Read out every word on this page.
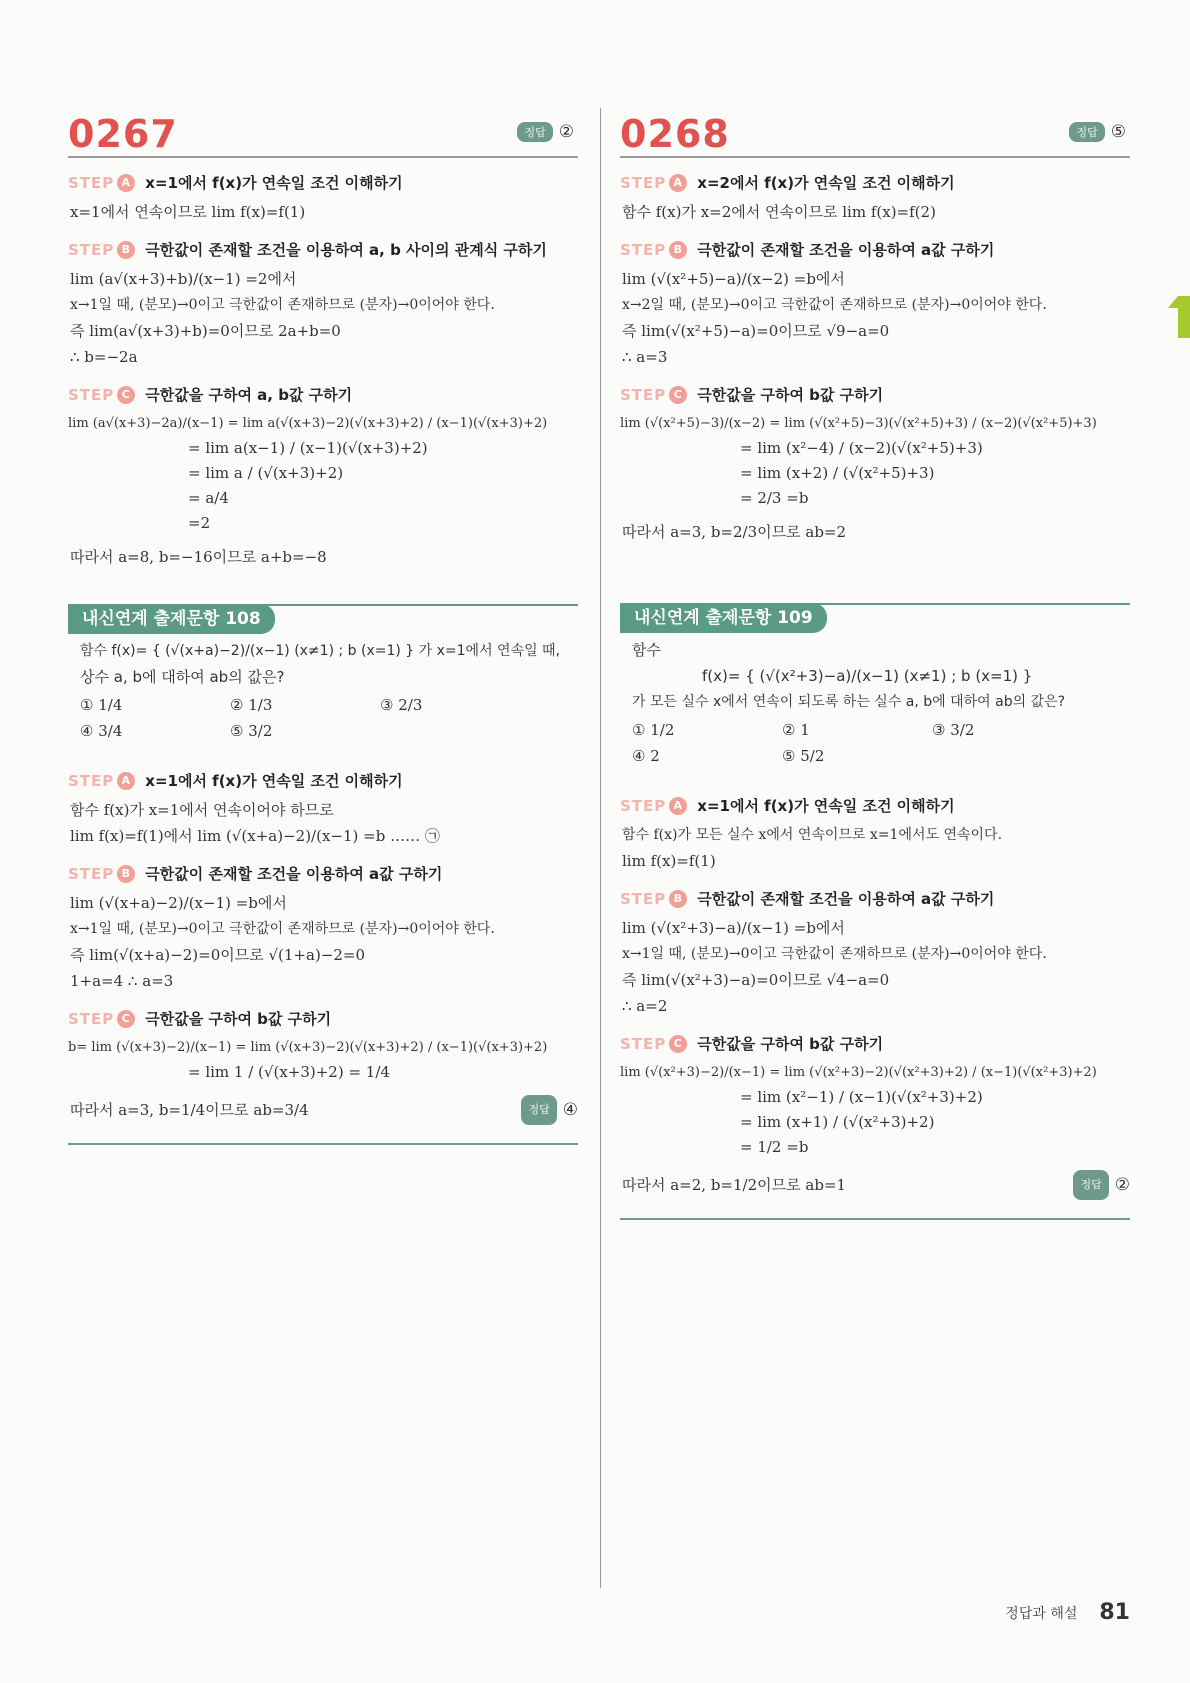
0267	정답 ②
STEP A x=1에서 f(x)가 연속일 조건 이해하기
x=1에서 연속이므로 lim f(x)=f(1)
STEP B 극한값이 존재할 조건을 이용하여 a, b 사이의 관계식 구하기
lim (a√(x+3)+b)/(x−1) =2에서
x→1일 때, (분모)→0이고 극한값이 존재하므로 (분자)→0이어야 한다.
즉 lim(a√(x+3)+b)=0이므로 2a+b=0
∴ b=−2a
STEP C 극한값을 구하여 a, b값 구하기
lim (a√(x+3)−2a)/(x−1) = lim a(√(x+3)−2)(√(x+3)+2) / (x−1)(√(x+3)+2)
= lim a(x−1) / (x−1)(√(x+3)+2)
= lim a / (√(x+3)+2)
= a/4
=2
따라서 a=8, b=−16이므로 a+b=−8
내신연계 출제문항 108
함수 f(x)= { (√(x+a)−2)/(x−1) (x≠1) ; b (x=1) } 가 x=1에서 연속일 때,
상수 a, b에 대하여 ab의 값은?
① 1/4	② 1/3	③ 2/3
④ 3/4	⑤ 3/2
STEP A x=1에서 f(x)가 연속일 조건 이해하기
함수 f(x)가 x=1에서 연속이어야 하므로
lim f(x)=f(1)에서 lim (√(x+a)−2)/(x−1) =b …… ㉠
STEP B 극한값이 존재할 조건을 이용하여 a값 구하기
lim (√(x+a)−2)/(x−1) =b에서
x→1일 때, (분모)→0이고 극한값이 존재하므로 (분자)→0이어야 한다.
즉 lim(√(x+a)−2)=0이므로 √(1+a)−2=0
1+a=4 ∴ a=3
STEP C 극한값을 구하여 b값 구하기
b= lim (√(x+3)−2)/(x−1) = lim (√(x+3)−2)(√(x+3)+2) / (x−1)(√(x+3)+2)
= lim 1 / (√(x+3)+2) = 1/4
따라서 a=3, b=1/4이므로 ab=3/4	정답 ④
0268	정답 ⑤
STEP A x=2에서 f(x)가 연속일 조건 이해하기
함수 f(x)가 x=2에서 연속이므로 lim f(x)=f(2)
STEP B 극한값이 존재할 조건을 이용하여 a값 구하기
lim (√(x²+5)−a)/(x−2) =b에서
x→2일 때, (분모)→0이고 극한값이 존재하므로 (분자)→0이어야 한다.
즉 lim(√(x²+5)−a)=0이므로 √9−a=0
∴ a=3
STEP C 극한값을 구하여 b값 구하기
lim (√(x²+5)−3)/(x−2) = lim (√(x²+5)−3)(√(x²+5)+3) / (x−2)(√(x²+5)+3)
= lim (x²−4) / (x−2)(√(x²+5)+3)
= lim (x+2) / (√(x²+5)+3)
= 2/3 =b
따라서 a=3, b=2/3이므로 ab=2
내신연계 출제문항 109
함수
f(x)= { (√(x²+3)−a)/(x−1) (x≠1) ; b (x=1) }
가 모든 실수 x에서 연속이 되도록 하는 실수 a, b에 대하여 ab의 값은?
① 1/2	② 1	③ 3/2
④ 2	⑤ 5/2
STEP A x=1에서 f(x)가 연속일 조건 이해하기
함수 f(x)가 모든 실수 x에서 연속이므로 x=1에서도 연속이다.
lim f(x)=f(1)
STEP B 극한값이 존재할 조건을 이용하여 a값 구하기
lim (√(x²+3)−a)/(x−1) =b에서
x→1일 때, (분모)→0이고 극한값이 존재하므로 (분자)→0이어야 한다.
즉 lim(√(x²+3)−a)=0이므로 √4−a=0
∴ a=2
STEP C 극한값을 구하여 b값 구하기
lim (√(x²+3)−2)/(x−1) = lim (√(x²+3)−2)(√(x²+3)+2) / (x−1)(√(x²+3)+2)
= lim (x²−1) / (x−1)(√(x²+3)+2)
= lim (x+1) / (√(x²+3)+2)
= 1/2 =b
따라서 a=2, b=1/2이므로 ab=1	정답 ②
정답과 해설 81
